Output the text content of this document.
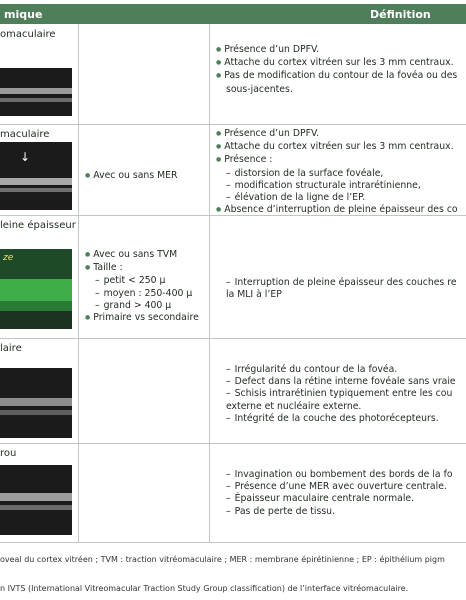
mique	Définition
omaculaire
● Présence d’un DPFV.
● Attache du cortex vitréen sur les 3 mm centraux.
● Pas de modification du contour de la fovéa ou des
sous-jacentes.
maculaire
↓
● Avec ou sans MER
● Présence d’un DPFV.
● Attache du cortex vitréen sur les 3 mm centraux.
● Présence :
– distorsion de la surface fovéale,
– modification structurale intrarétinienne,
– élévation de la ligne de l’EP.
● Absence d’interruption de pleine épaisseur des co
leine épaisseur
ze
●	Avec ou sans TVM
● Taille :
– petit < 250 µ
– moyen : 250-400 µ
– grand > 400 µ
● Primaire vs secondaire
– Interruption de pleine épaisseur des couches re
la MLI à l’EP
laire
– Irrégularité du contour de la fovéa.
– Defect dans la rétine interne fovéale sans vraie
– Schisis intrarétinien typiquement entre les cou
externe et nucléaire externe.
– Intégrité de la couche des photorécepteurs.
rou
– Invagination ou bombement des bords de la fo
– Présence d’une MER avec ouverture centrale.
– Épaisseur maculaire centrale normale.
– Pas de perte de tissu.
oveal du cortex vitréen ; TVM : traction vitréomaculaire ; MER : membrane épirétinienne ; EP : épithélium pigm
n IVTS (International Vitreomacular Traction Study Group classification) de l’interface vitréomaculaire.
